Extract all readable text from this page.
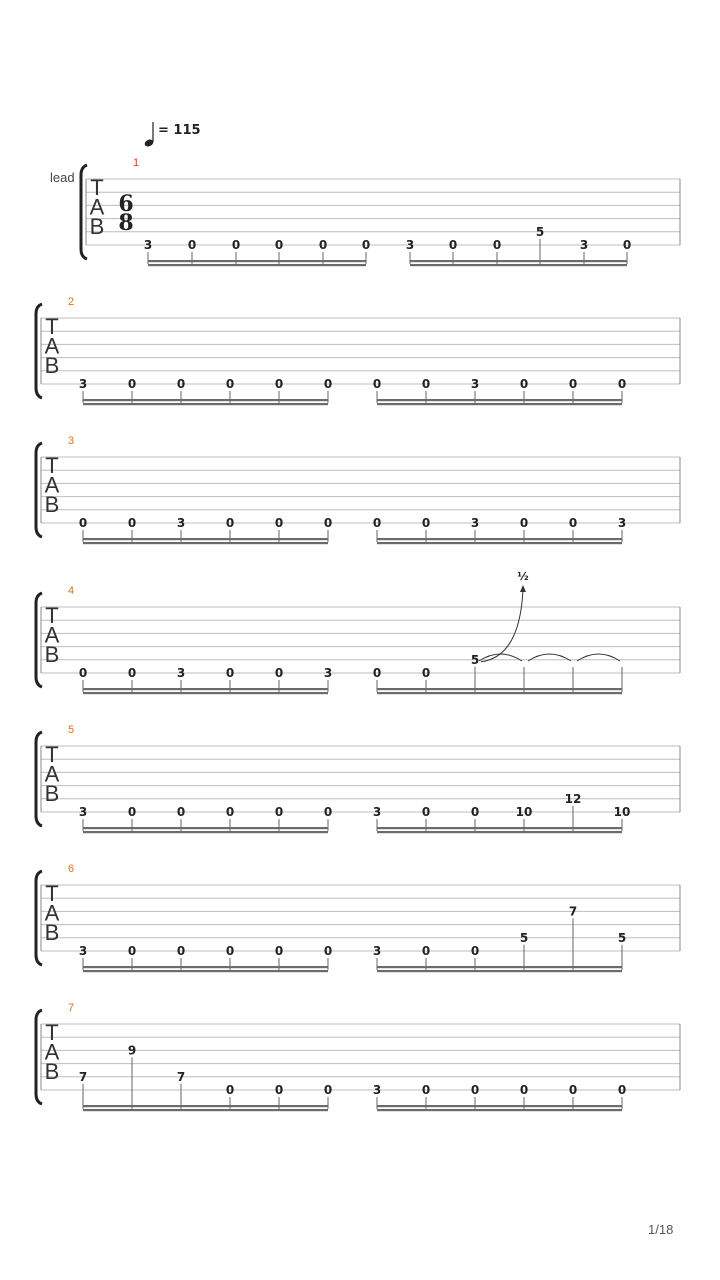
= 115
lead T
A
B
6
8
1
3	0	0	0	0	0	3	0	0
5
3	0
T
A
B
2
3	0	0	0	0	0	0	0	3	0	0	0
T
A
B
3
0	0	3	0	0	0	0	0	3	0	0	3
T
A
B
4
0	0	3	0	0	3	0	0
5
½
T
A
B
5
3	0	0	0	0	0	3	0	0	10
12
10
T
A
B
6
3	0	0	0	0	0	3	0	0
5
7
5
T
A
B
7
7
9
7
0	0	0	3	0	0	0	0	0
1/18
